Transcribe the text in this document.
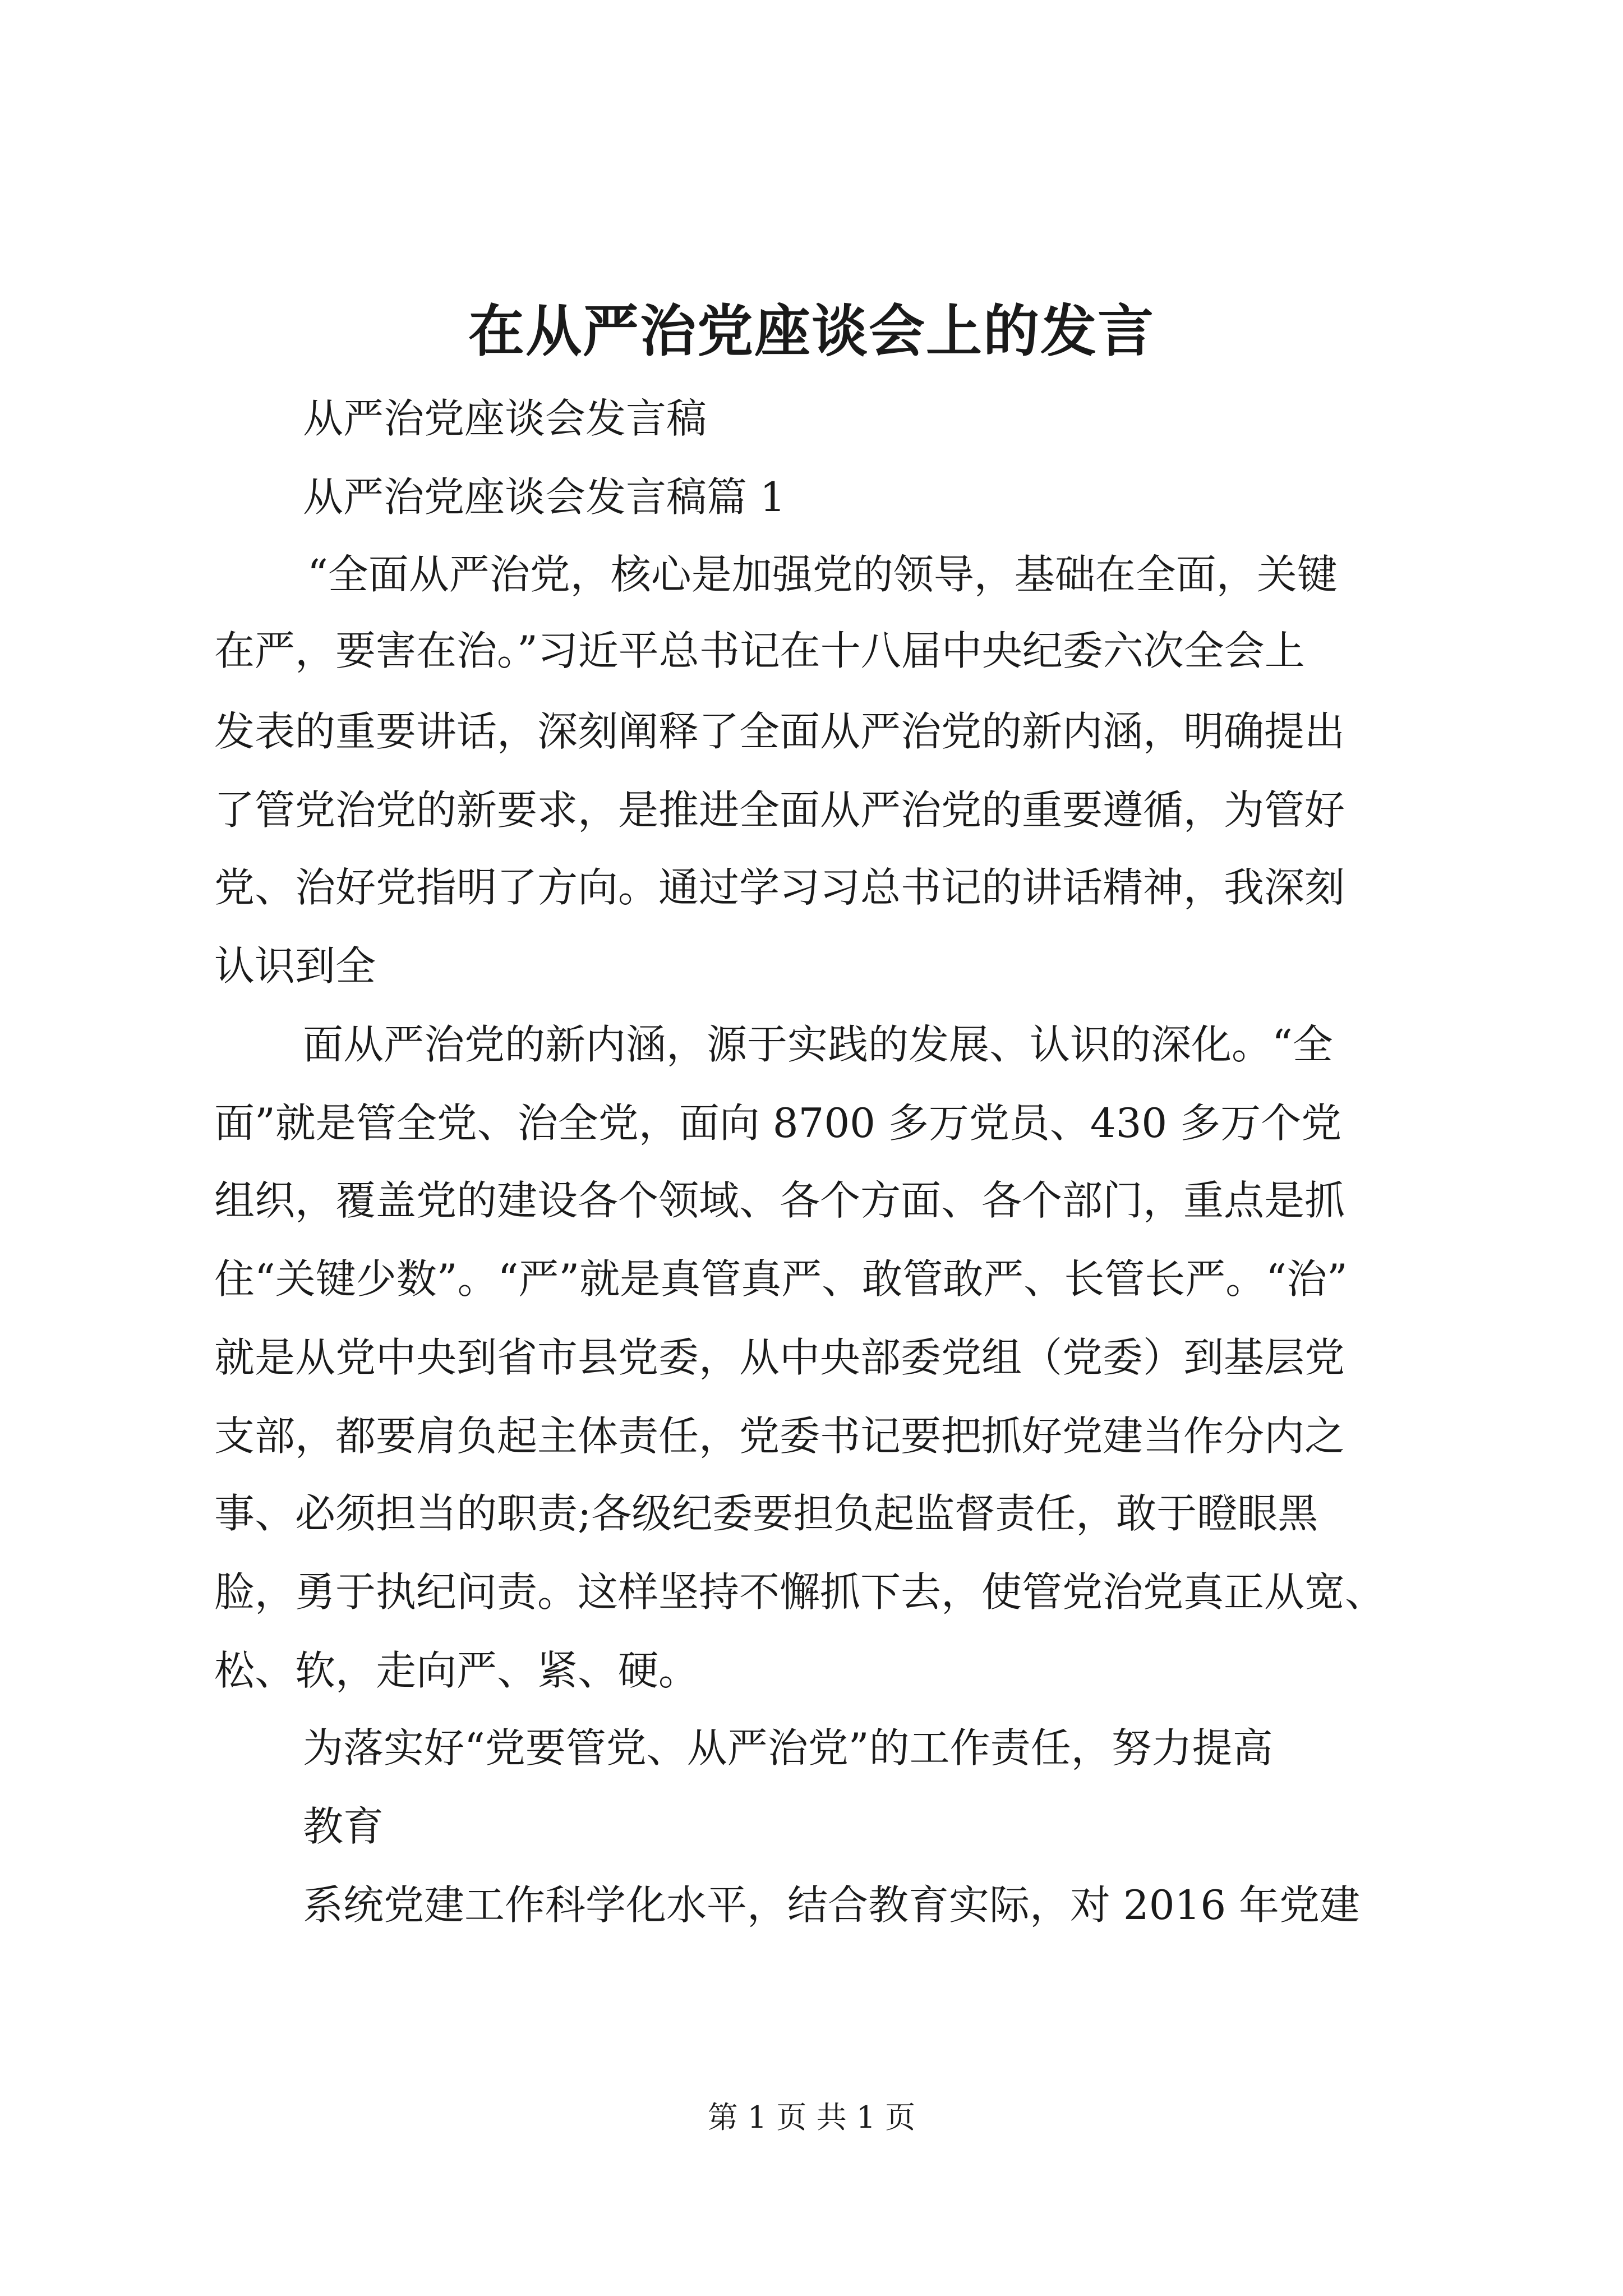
在从严治党座谈会上的发言
从严治党座谈会发言稿
从严治党座谈会发言稿篇 1
“全面从严治党，核心是加强党的领导，基础在全面，关键
在严，要害在治。”习近平总书记在十八届中央纪委六次全会上
发表的重要讲话，深刻阐释了全面从严治党的新内涵，明确提出
了管党治党的新要求，是推进全面从严治党的重要遵循，为管好
党、治好党指明了方向。通过学习习总书记的讲话精神，我深刻
认识到全
面从严治党的新内涵，源于实践的发展、认识的深化。“全
面”就是管全党、治全党，面向 8700 多万党员、430 多万个党
组织，覆盖党的建设各个领域、各个方面、各个部门，重点是抓
住“关键少数”。“严”就是真管真严、敢管敢严、长管长严。“治”
就是从党中央到省市县党委，从中央部委党组（党委）到基层党
支部，都要肩负起主体责任，党委书记要把抓好党建当作分内之
事、必须担当的职责;各级纪委要担负起监督责任，敢于瞪眼黑
脸，勇于执纪问责。这样坚持不懈抓下去，使管党治党真正从宽、
松、软，走向严、紧、硬。
为落实好“党要管党、从严治党”的工作责任，努力提高
教育
系统党建工作科学化水平，结合教育实际，对 2016 年党建
第 1 页 共 1 页
